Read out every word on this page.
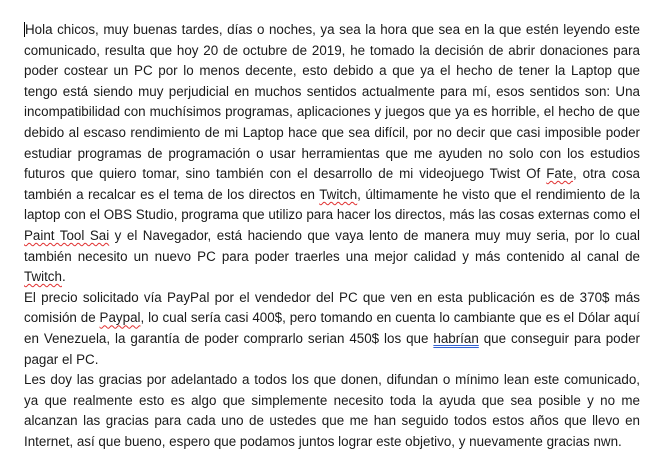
Hola chicos, muy buenas tardes, días o noches, ya sea la hora que sea en la que estén leyendo este comunicado, resulta que hoy 20 de octubre de 2019, he tomado la decisión de abrir donaciones para poder costear un PC por lo menos decente, esto debido a que ya el hecho de tener la Laptop que tengo está siendo muy perjudicial en muchos sentidos actualmente para mí, esos sentidos son: Una incompatibilidad con muchísimos programas, aplicaciones y juegos que ya es horrible, el hecho de que debido al escaso rendimiento de mi Laptop hace que sea difícil, por no decir que casi imposible poder estudiar programas de programación o usar herramientas que me ayuden no solo con los estudios futuros que quiero tomar, sino también con el desarrollo de mi videojuego Twist Of Fate, otra cosa también a recalcar es el tema de los directos en Twitch, últimamente he visto que el rendimiento de la laptop con el OBS Studio, programa que utilizo para hacer los directos, más las cosas externas como el Paint Tool Sai y el Navegador, está haciendo que vaya lento de manera muy muy seria, por lo cual también necesito un nuevo PC para poder traerles una mejor calidad y más contenido al canal de Twitch.

El precio solicitado vía PayPal por el vendedor del PC que ven en esta publicación es de 370$ más comisión de Paypal, lo cual sería casi 400$, pero tomando en cuenta lo cambiante que es el Dólar aquí en Venezuela, la garantía de poder comprarlo serian 450$ los que habrían que conseguir para poder pagar el PC.

Les doy las gracias por adelantado a todos los que donen, difundan o mínimo lean este comunicado, ya que realmente esto es algo que simplemente necesito toda la ayuda que sea posible y no me alcanzan las gracias para cada uno de ustedes que me han seguido todos estos años que llevo en Internet, así que bueno, espero que podamos juntos lograr este objetivo, y nuevamente gracias nwn.
